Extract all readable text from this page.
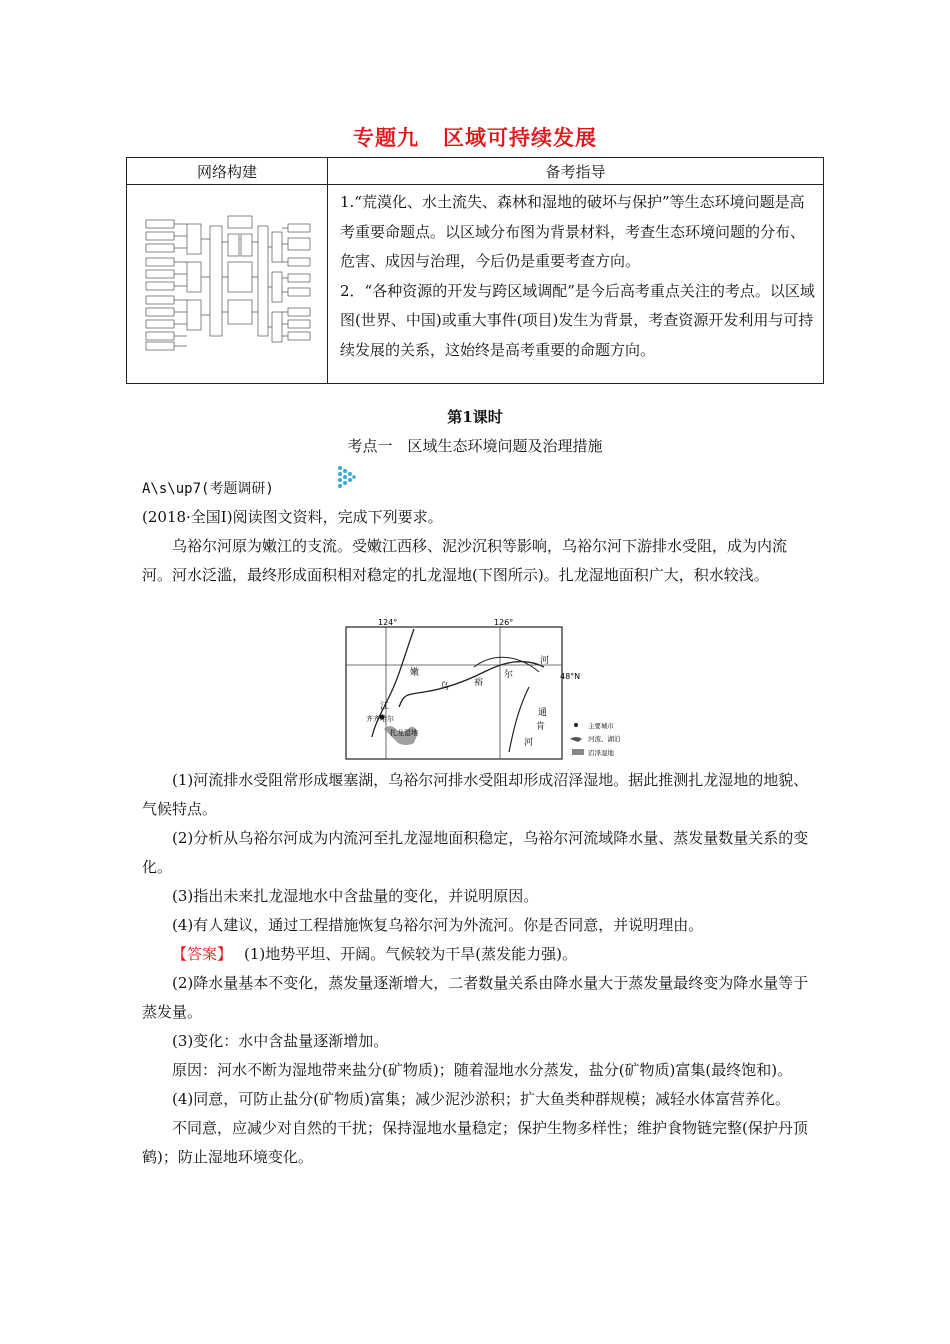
专题九 区域可持续发展
网络构建	备考指导

1.“荒漠化、水土流失、森林和湿地的破坏与保护”等生态环境问题是高考重要命题点。以区域分布图为背景材料，考查生态环境问题的分布、危害、成因与治理，今后仍是重要考查方向。

2．“各种资源的开发与跨区域调配”是今后高考重点关注的考点。以区域图(世界、中国)或重大事件(项目)发生为背景，考查资源开发利用与可持续发展的关系，这始终是高考重要的命题方向。

第1课时
考点一　区域生态环境问题及治理措施
A\s\up7(考题调研)

(2018·全国Ⅰ)阅读图文资料，完成下列要求。

乌裕尔河原为嫩江的支流。受嫩江西移、泥沙沉积等影响，乌裕尔河下游排水受阻，成为内流河。河水泛滥，最终形成面积相对稳定的扎龙湿地(下图所示)。扎龙湿地面积广大，积水较浅。

124°	126°
48°N
嫩
江
乌	裕
尔
河
通
肯
河
齐齐哈尔
扎龙湿地
主要城市
河流、湖泊
沼泽湿地

(1)河流排水受阻常形成堰塞湖，乌裕尔河排水受阻却形成沼泽湿地。据此推测扎龙湿地的地貌、气候特点。

(2)分析从乌裕尔河成为内流河至扎龙湿地面积稳定，乌裕尔河流域降水量、蒸发量数量关系的变化。

(3)指出未来扎龙湿地水中含盐量的变化，并说明原因。

(4)有人建议，通过工程措施恢复乌裕尔河为外流河。你是否同意，并说明理由。

【答案】 (1)地势平坦、开阔。气候较为干旱(蒸发能力强)。

(2)降水量基本不变化，蒸发量逐渐增大，二者数量关系由降水量大于蒸发量最终变为降水量等于蒸发量。

(3)变化：水中含盐量逐渐增加。

原因：河水不断为湿地带来盐分(矿物质)；随着湿地水分蒸发，盐分(矿物质)富集(最终饱和)。

(4)同意，可防止盐分(矿物质)富集；减少泥沙淤积；扩大鱼类种群规模；减轻水体富营养化。

不同意，应减少对自然的干扰；保持湿地水量稳定；保护生物多样性；维护食物链完整(保护丹顶鹤)；防止湿地环境变化。
